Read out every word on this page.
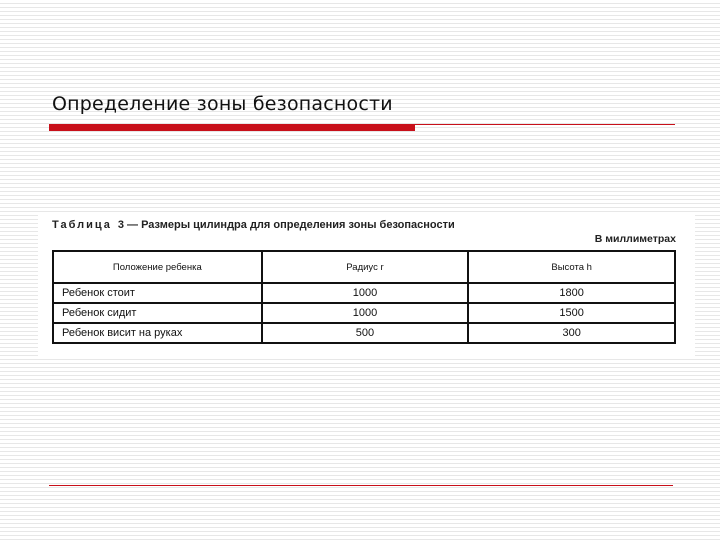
Определение зоны безопасности
Таблица 3 — Размеры цилиндра для определения зоны безопасности
В миллиметрах
Положение ребенка	Радиус r	Высота h
Ребенок стоит	1000	1800
Ребенок сидит	1000	1500
Ребенок висит на руках	500	300
